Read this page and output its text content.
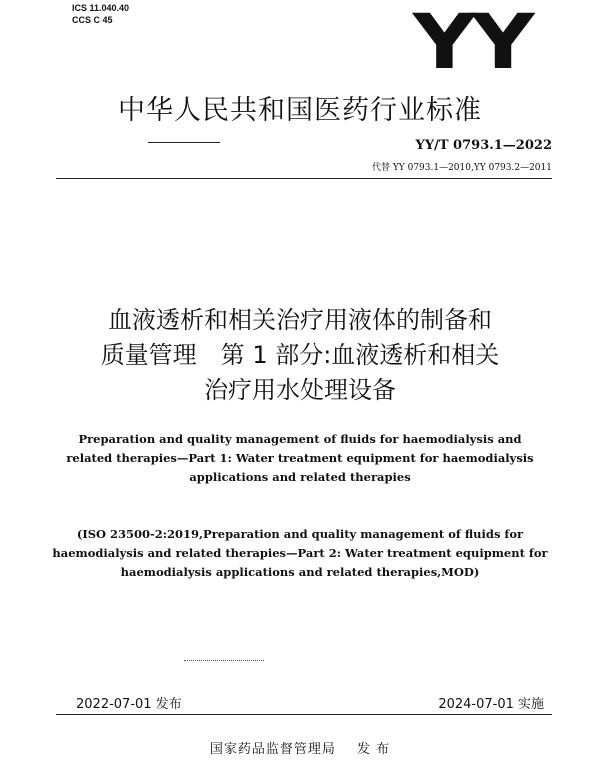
ICS 11.040.40
CCS C 45	YY
中华人民共和国医药行业标准
YY/T 0793.1—2022
代替 YY 0793.1—2010,YY 0793.2—2011
血液透析和相关治疗用液体的制备和
质量管理　第 1 部分:血液透析和相关
治疗用水处理设备
Preparation and quality management of fluids for haemodialysis and
related therapies—Part 1: Water treatment equipment for haemodialysis
applications and related therapies
(ISO 23500-2:2019,Preparation and quality management of fluids for
haemodialysis and related therapies—Part 2: Water treatment equipment for
haemodialysis applications and related therapies,MOD)
2022-07-01 发布	2024-07-01 实施
国家药品监督管理局 发 布
